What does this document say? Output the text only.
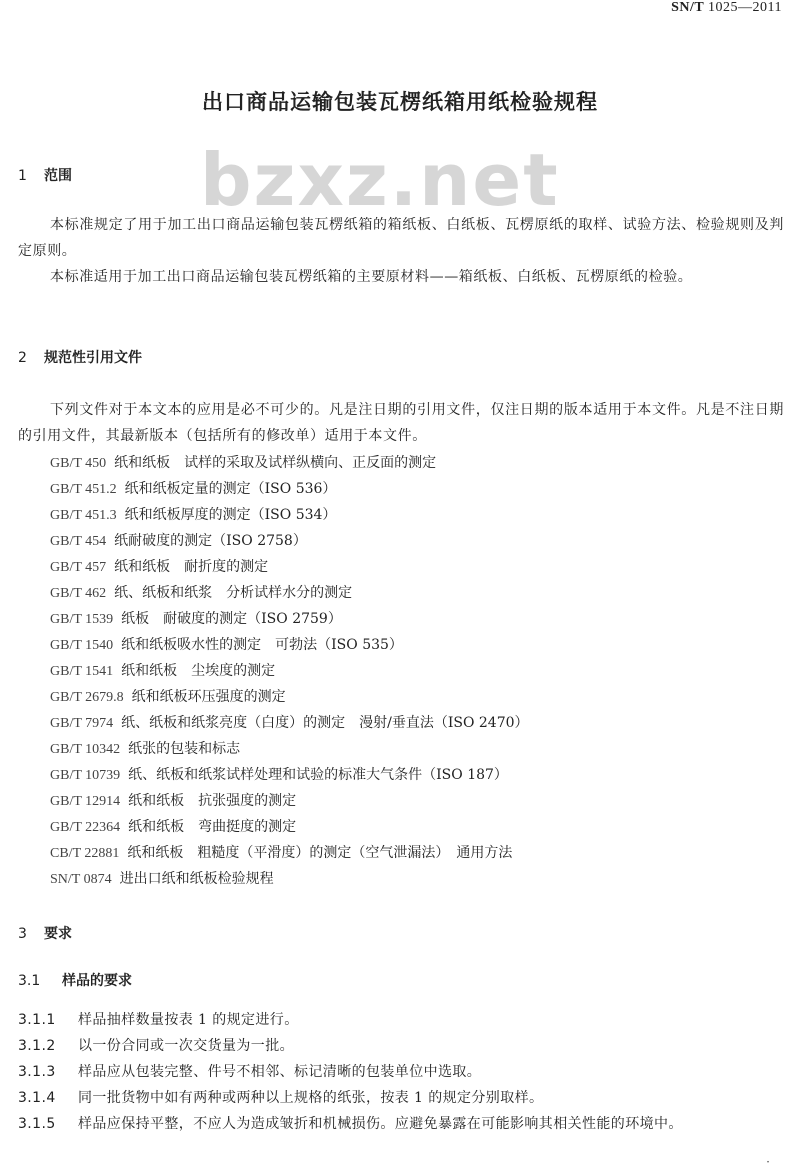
SN/T 1025—2011
出口商品运输包装瓦楞纸箱用纸检验规程
bzxz.net
1 范围
本标准规定了用于加工出口商品运输包装瓦楞纸箱的箱纸板、白纸板、瓦楞原纸的取样、试验方法、检验规则及判定原则。
本标准适用于加工出口商品运输包装瓦楞纸箱的主要原材料——箱纸板、白纸板、瓦楞原纸的检验。
2 规范性引用文件
下列文件对于本文本的应用是必不可少的。凡是注日期的引用文件，仅注日期的版本适用于本文件。凡是不注日期的引用文件，其最新版本（包括所有的修改单）适用于本文件。
GB/T 450 纸和纸板　试样的采取及试样纵横向、正反面的测定
GB/T 451.2 纸和纸板定量的测定（ISO 536）
GB/T 451.3 纸和纸板厚度的测定（ISO 534）
GB/T 454 纸耐破度的测定（ISO 2758）
GB/T 457 纸和纸板　耐折度的测定
GB/T 462 纸、纸板和纸浆　分析试样水分的测定
GB/T 1539 纸板　耐破度的测定（ISO 2759）
GB/T 1540 纸和纸板吸水性的测定　可勃法（ISO 535）
GB/T 1541 纸和纸板　尘埃度的测定
GB/T 2679.8 纸和纸板环压强度的测定
GB/T 7974 纸、纸板和纸浆亮度（白度）的测定　漫射/垂直法（ISO 2470）
GB/T 10342 纸张的包装和标志
GB/T 10739 纸、纸板和纸浆试样处理和试验的标准大气条件（ISO 187）
GB/T 12914 纸和纸板　抗张强度的测定
GB/T 22364 纸和纸板　弯曲挺度的测定
CB/T 22881 纸和纸板　粗糙度（平滑度）的测定（空气泄漏法）　通用方法
SN/T 0874 进出口纸和纸板检验规程
3 要求
3.1 样品的要求
3.1.1 样品抽样数量按表 1 的规定进行。
3.1.2 以一份合同或一次交货量为一批。
3.1.3 样品应从包装完整、件号不相邻、标记清晰的包装单位中选取。
3.1.4 同一批货物中如有两种或两种以上规格的纸张，按表 1 的规定分别取样。
3.1.5 样品应保持平整，不应人为造成皱折和机械损伤。应避免暴露在可能影响其相关性能的环境中。
·
